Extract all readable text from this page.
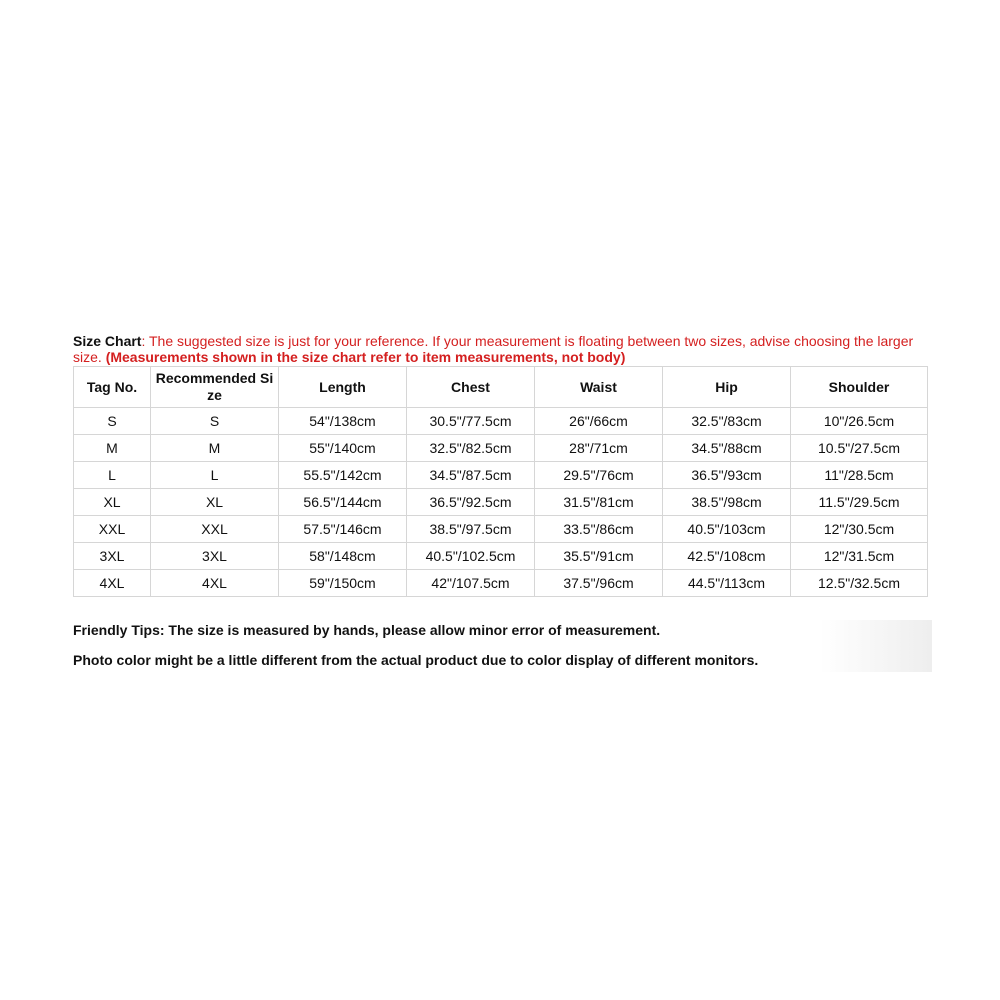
Size Chart: The suggested size is just for your reference. If your measurement is floating between two sizes, advise choosing the larger size. (Measurements shown in the size chart refer to item measurements, not body)
Tag No.	Recommended Si ze	Length	Chest	Waist	Hip	Shoulder
S	S	54"/138cm	30.5"/77.5cm	26"/66cm	32.5"/83cm	10"/26.5cm
M	M	55"/140cm	32.5"/82.5cm	28"/71cm	34.5"/88cm	10.5"/27.5cm
L	L	55.5"/142cm	34.5"/87.5cm	29.5"/76cm	36.5"/93cm	11"/28.5cm
XL	XL	56.5"/144cm	36.5"/92.5cm	31.5"/81cm	38.5"/98cm	11.5"/29.5cm
XXL	XXL	57.5"/146cm	38.5"/97.5cm	33.5"/86cm	40.5"/103cm	12"/30.5cm
3XL	3XL	58"/148cm	40.5"/102.5cm	35.5"/91cm	42.5"/108cm	12"/31.5cm
4XL	4XL	59"/150cm	42"/107.5cm	37.5"/96cm	44.5"/113cm	12.5"/32.5cm
Friendly Tips: The size is measured by hands, please allow minor error of measurement.
Photo color might be a little different from the actual product due to color display of different monitors.
